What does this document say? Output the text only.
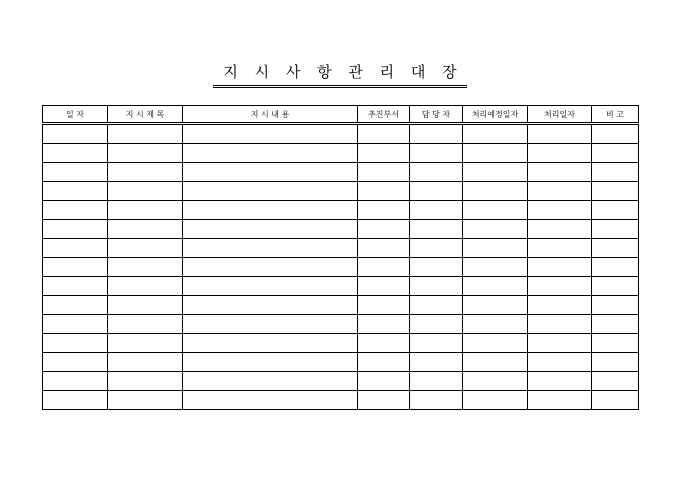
지 시 사 항 관 리 대 장
일 자	지 시 제 목	지 시 내 용	추진부서	담 당 자	처리예정일자	처리일자	비 고
